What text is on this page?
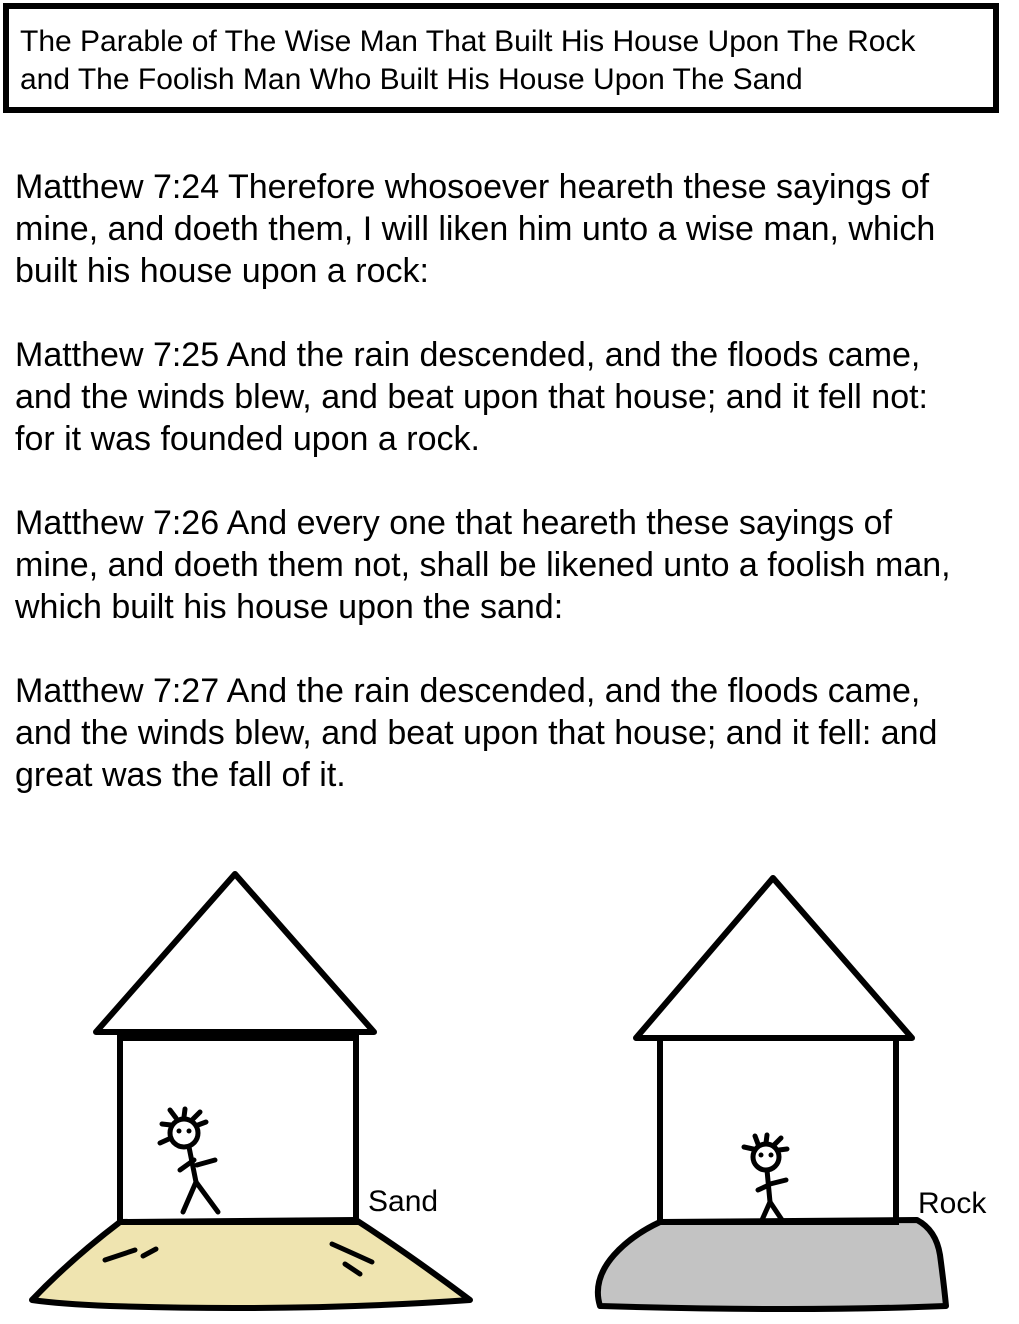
The Parable of The Wise Man That Built His House Upon The Rock
and The Foolish Man Who Built His House Upon The Sand
Matthew 7:24 Therefore whosoever heareth these sayings of
mine, and doeth them, I will liken him unto a wise man, which
built his house upon a rock:
Matthew 7:25 And the rain descended, and the floods came,
and the winds blew, and beat upon that house; and it fell not:
for it was founded upon a rock.
Matthew 7:26 And every one that heareth these sayings of
mine, and doeth them not, shall be likened unto a foolish man,
which built his house upon the sand:
Matthew 7:27 And the rain descended, and the floods came,
and the winds blew, and beat upon that house; and it fell: and
great was the fall of it.
Sand	Rock
